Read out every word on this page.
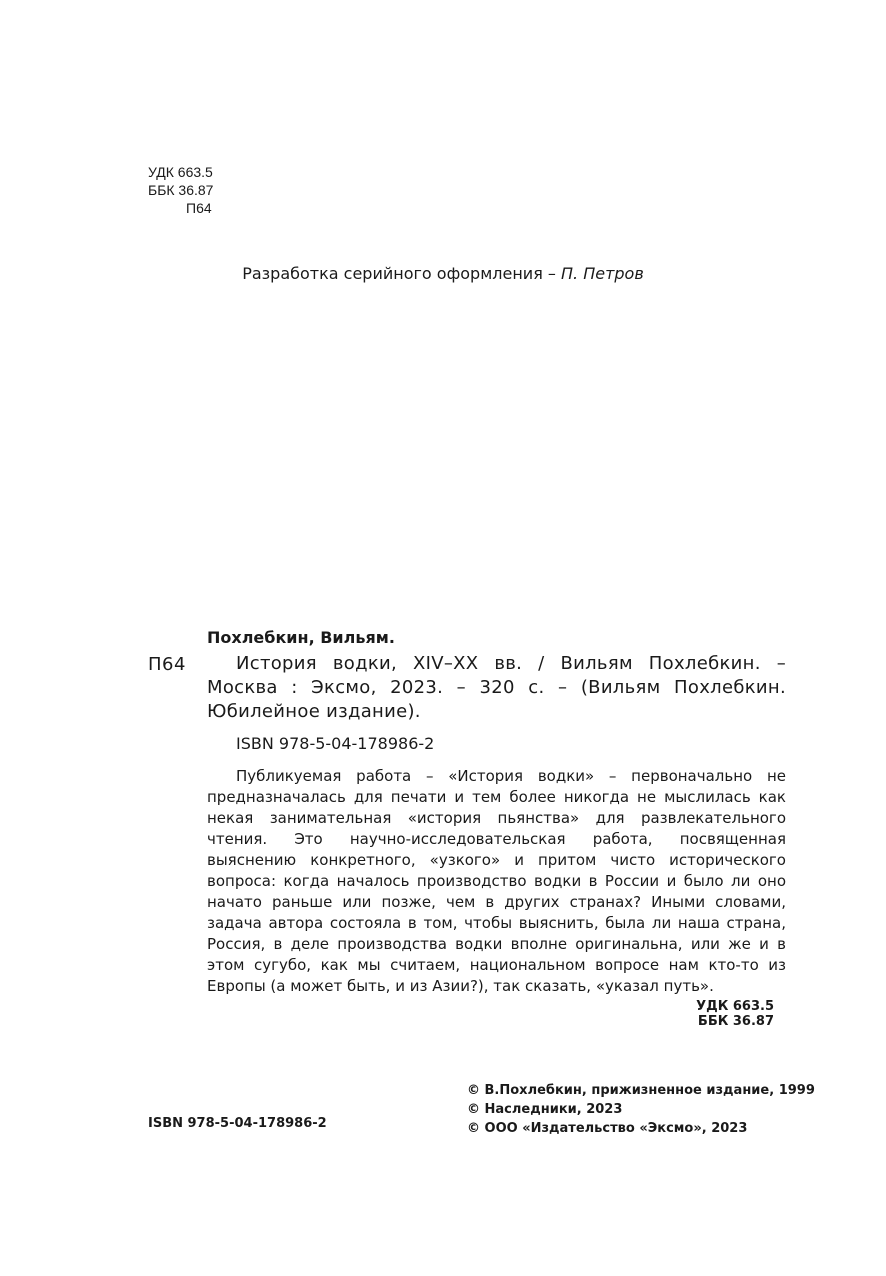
УДК 663.5
ББК 36.87
П64
Разработка серийного оформления – П. Петров
Похлебкин, Вильям.
П64	История водки, XIV–XX вв. / Вильям Похлебкин. – Москва : Эксмо, 2023. – 320 с. – (Вильям Похлебкин. Юбилейное издание).
ISBN 978-5-04-178986-2
Публикуемая работа – «История водки» – первоначально не предназначалась для печати и тем более никогда не мыслилась как некая занимательная «история пьянства» для развлекательного чтения. Это научно-исследовательская работа, посвященная выяснению конкретного, «узкого» и притом чисто исторического вопроса: когда началось производство водки в России и было ли оно начато раньше или позже, чем в других странах? Иными словами, задача автора состояла в том, чтобы выяснить, была ли наша страна, Россия, в деле производства водки вполне оригинальна, или же и в этом сугубо, как мы считаем, национальном вопросе нам кто-то из Европы (а может быть, и из Азии?), так сказать, «указал путь».
УДК 663.5
ББК 36.87
© В.Похлебкин, прижизненное издание, 1999
© Наследники, 2023
© ООО «Издательство «Эксмо», 2023
ISBN 978-5-04-178986-2
